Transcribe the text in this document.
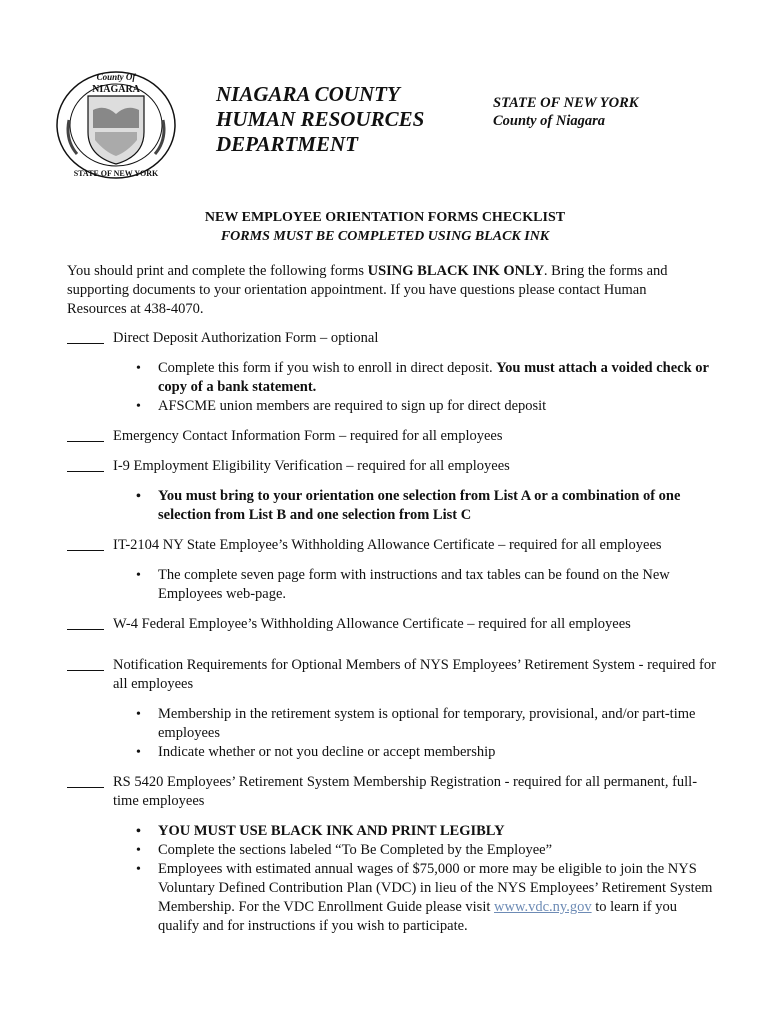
County Of
NIAGARA
STATE OF NEW YORK
NIAGARA COUNTY
HUMAN RESOURCES
DEPARTMENT
STATE OF NEW YORK
County of Niagara
NEW EMPLOYEE ORIENTATION FORMS CHECKLIST
FORMS MUST BE COMPLETED USING BLACK INK
You should print and complete the following forms USING BLACK INK ONLY. Bring the forms and supporting documents to your orientation appointment. If you have questions please contact Human Resources at 438-4070.
Direct Deposit Authorization Form – optional
• Complete this form if you wish to enroll in direct deposit. You must attach a voided check or copy of a bank statement.
• AFSCME union members are required to sign up for direct deposit
Emergency Contact Information Form – required for all employees
I-9 Employment Eligibility Verification – required for all employees
• You must bring to your orientation one selection from List A or a combination of one selection from List B and one selection from List C
IT-2104 NY State Employee’s Withholding Allowance Certificate – required for all employees
• The complete seven page form with instructions and tax tables can be found on the New Employees web-page.
W-4 Federal Employee’s Withholding Allowance Certificate – required for all employees
Notification Requirements for Optional Members of NYS Employees’ Retirement System - required for all employees
• Membership in the retirement system is optional for temporary, provisional, and/or part-time employees
• Indicate whether or not you decline or accept membership
RS 5420 Employees’ Retirement System Membership Registration - required for all permanent, full-time employees
• YOU MUST USE BLACK INK AND PRINT LEGIBLY
• Complete the sections labeled “To Be Completed by the Employee”
• Employees with estimated annual wages of $75,000 or more may be eligible to join the NYS Voluntary Defined Contribution Plan (VDC) in lieu of the NYS Employees’ Retirement System Membership. For the VDC Enrollment Guide please visit www.vdc.ny.gov to learn if you qualify and for instructions if you wish to participate.
